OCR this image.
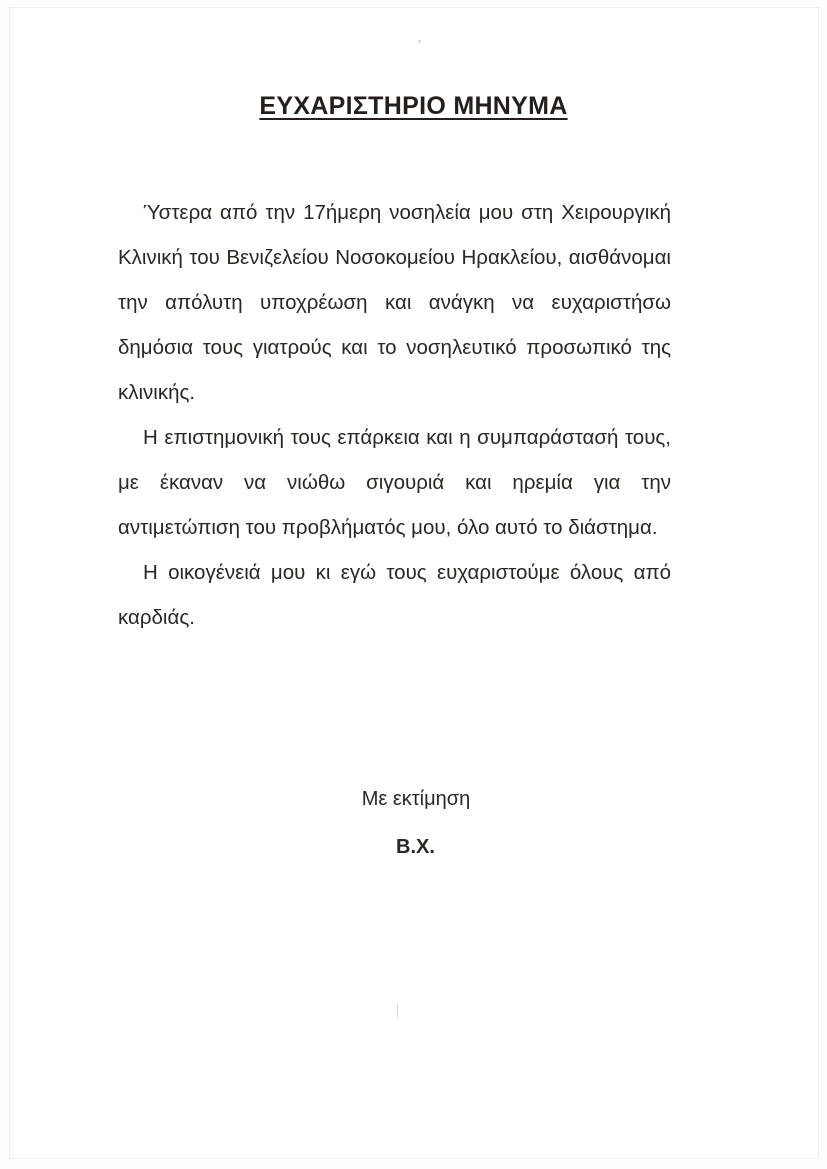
ΕΥΧΑΡΙΣΤΗΡΙΟ ΜΗΝΥΜΑ

Ύστερα από την 17ήμερη νοσηλεία μου στη Χειρουργική Κλινική του Βενιζελείου Νοσοκομείου Ηρακλείου, αισθάνομαι την απόλυτη υποχρέωση και ανάγκη να ευχαριστήσω δημόσια τους γιατρούς και το νοσηλευτικό προσωπικό της κλινικής.

Η επιστημονική τους επάρκεια και η συμπαράστασή τους, με έκαναν να νιώθω σιγουριά και ηρεμία για την αντιμετώπιση του προβλήματός μου, όλο αυτό το διάστημα.

Η οικογένειά μου κι εγώ τους ευχαριστούμε όλους από καρδιάς.

Με εκτίμηση
Β.Χ.
